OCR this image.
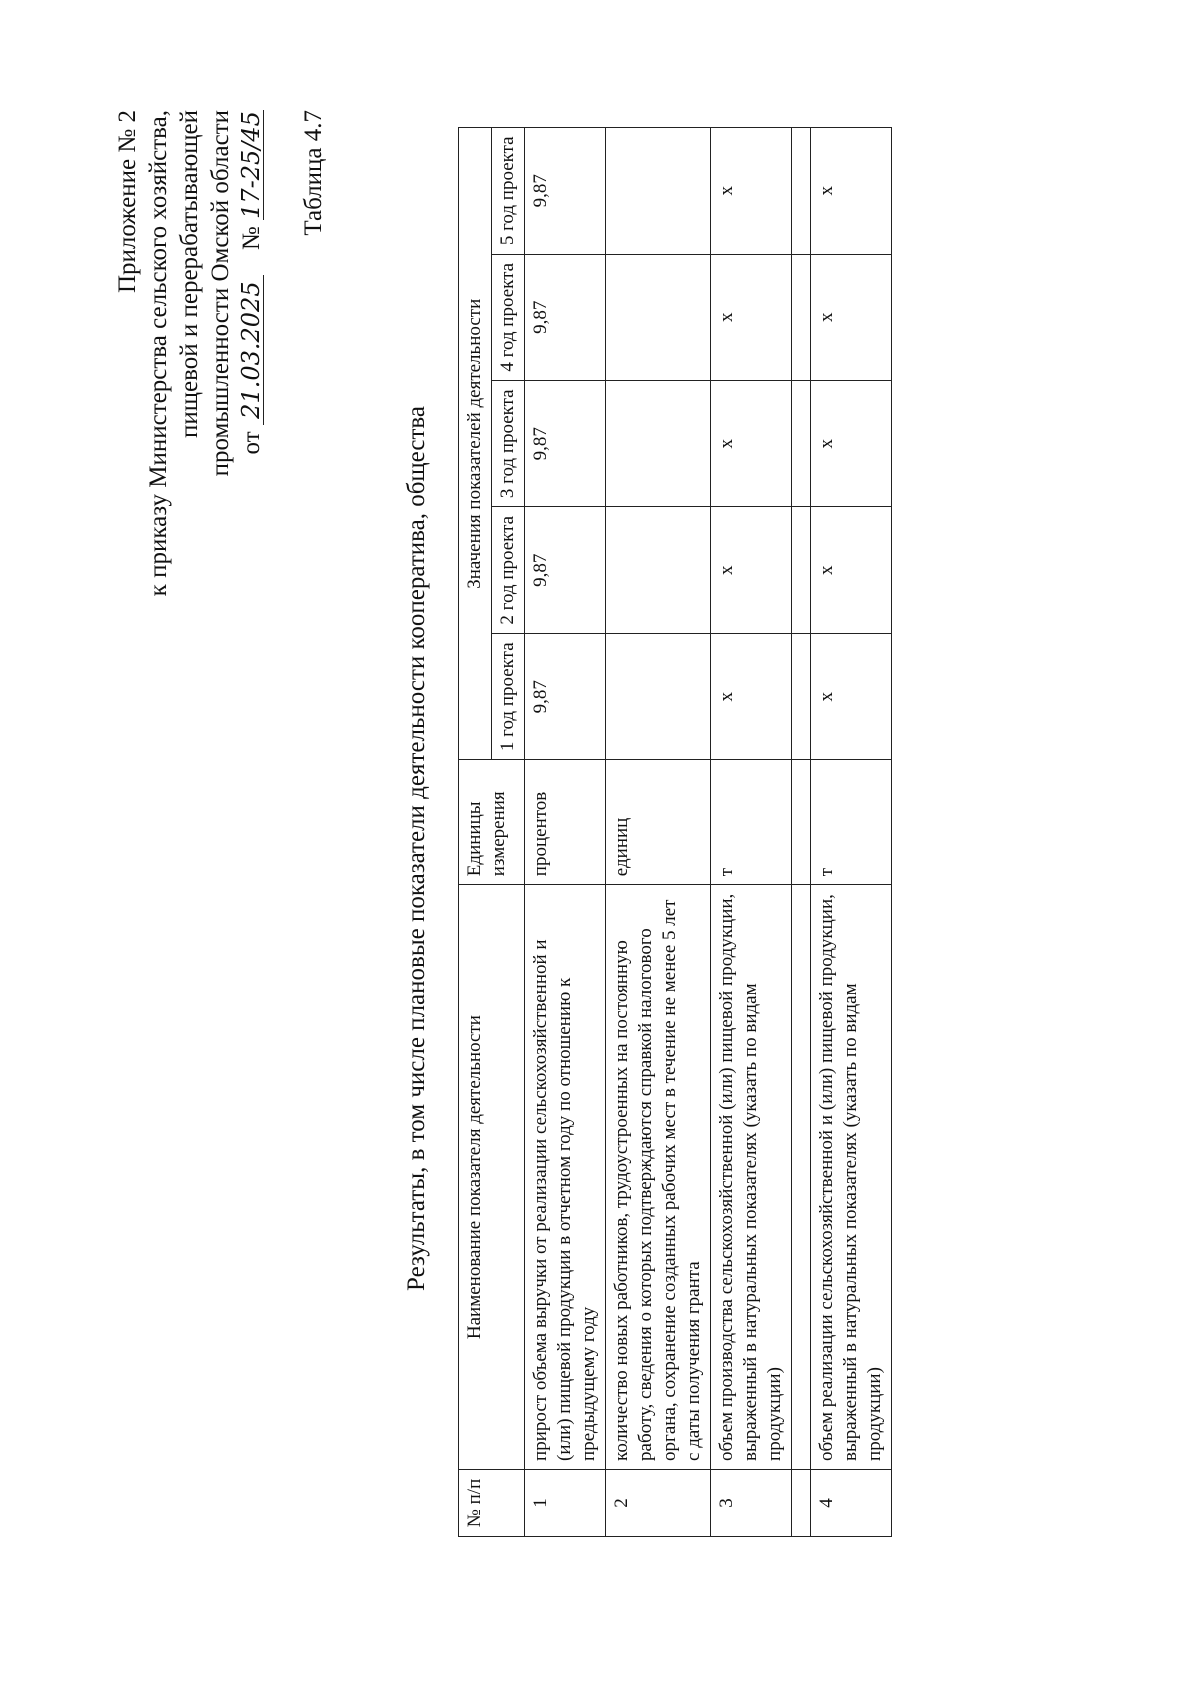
Приложение № 2 к приказу Министерства сельского хозяйства, пищевой и перерабатывающей промышленности Омской области от 21.03.2025    № 17-25/45 Таблица 4.7
Результаты, в том числе плановые показатели деятельности кооператива, общества
№ п/п	Наименование показателя деятельности	Единицы измерения	Значения показателей деятельности				
			1 год проекта	2 год проекта	3 год проекта	4 год проекта	5 год проекта
1	прирост объема выручки от реализации сельскохозяйственной и (или) пищевой продукции в отчетном году по отношению к предыдущему году	процентов	9,87	9,87	9,87	9,87	9,87
2	количество новых работников, трудоустроенных на постоянную работу, сведения о которых подтверждаются справкой налогового органа, сохранение созданных рабочих мест в течение не менее 5 лет с даты получения гранта	единиц					
3	объем производства сельскохозяйственной (или) пищевой продукции, выраженный в натуральных показателях (указать по видам продукции)	т	х	х	х	х	х

4	объем реализации сельскохозяйственной и (или) пищевой продукции, выраженный в натуральных показателях (указать по видам продукции)	т	х	х	х	х	х
